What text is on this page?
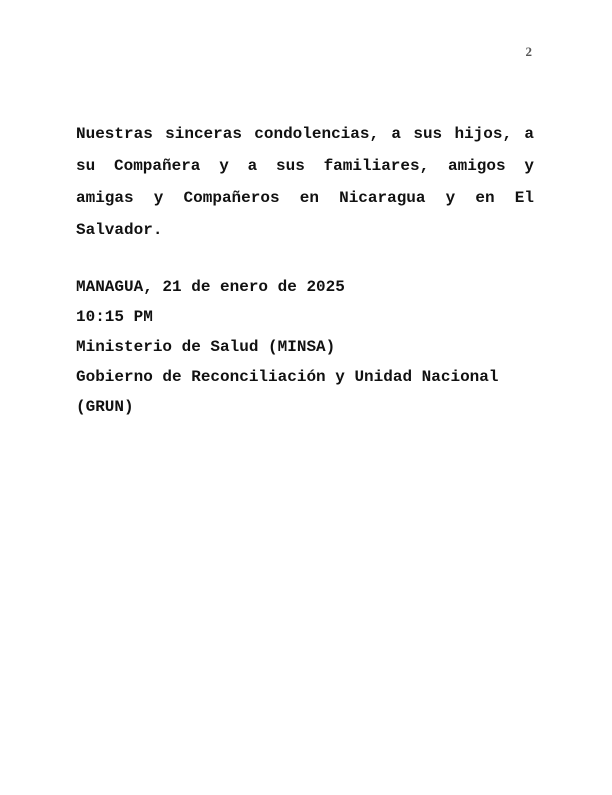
2

Nuestras sinceras condolencias, a sus hijos, a su Compañera y a sus familiares, amigos y amigas y Compañeros en Nicaragua y en El Salvador.

MANAGUA, 21 de enero de 2025
10:15 PM
Ministerio de Salud (MINSA)
Gobierno de Reconciliación y Unidad Nacional
(GRUN)
